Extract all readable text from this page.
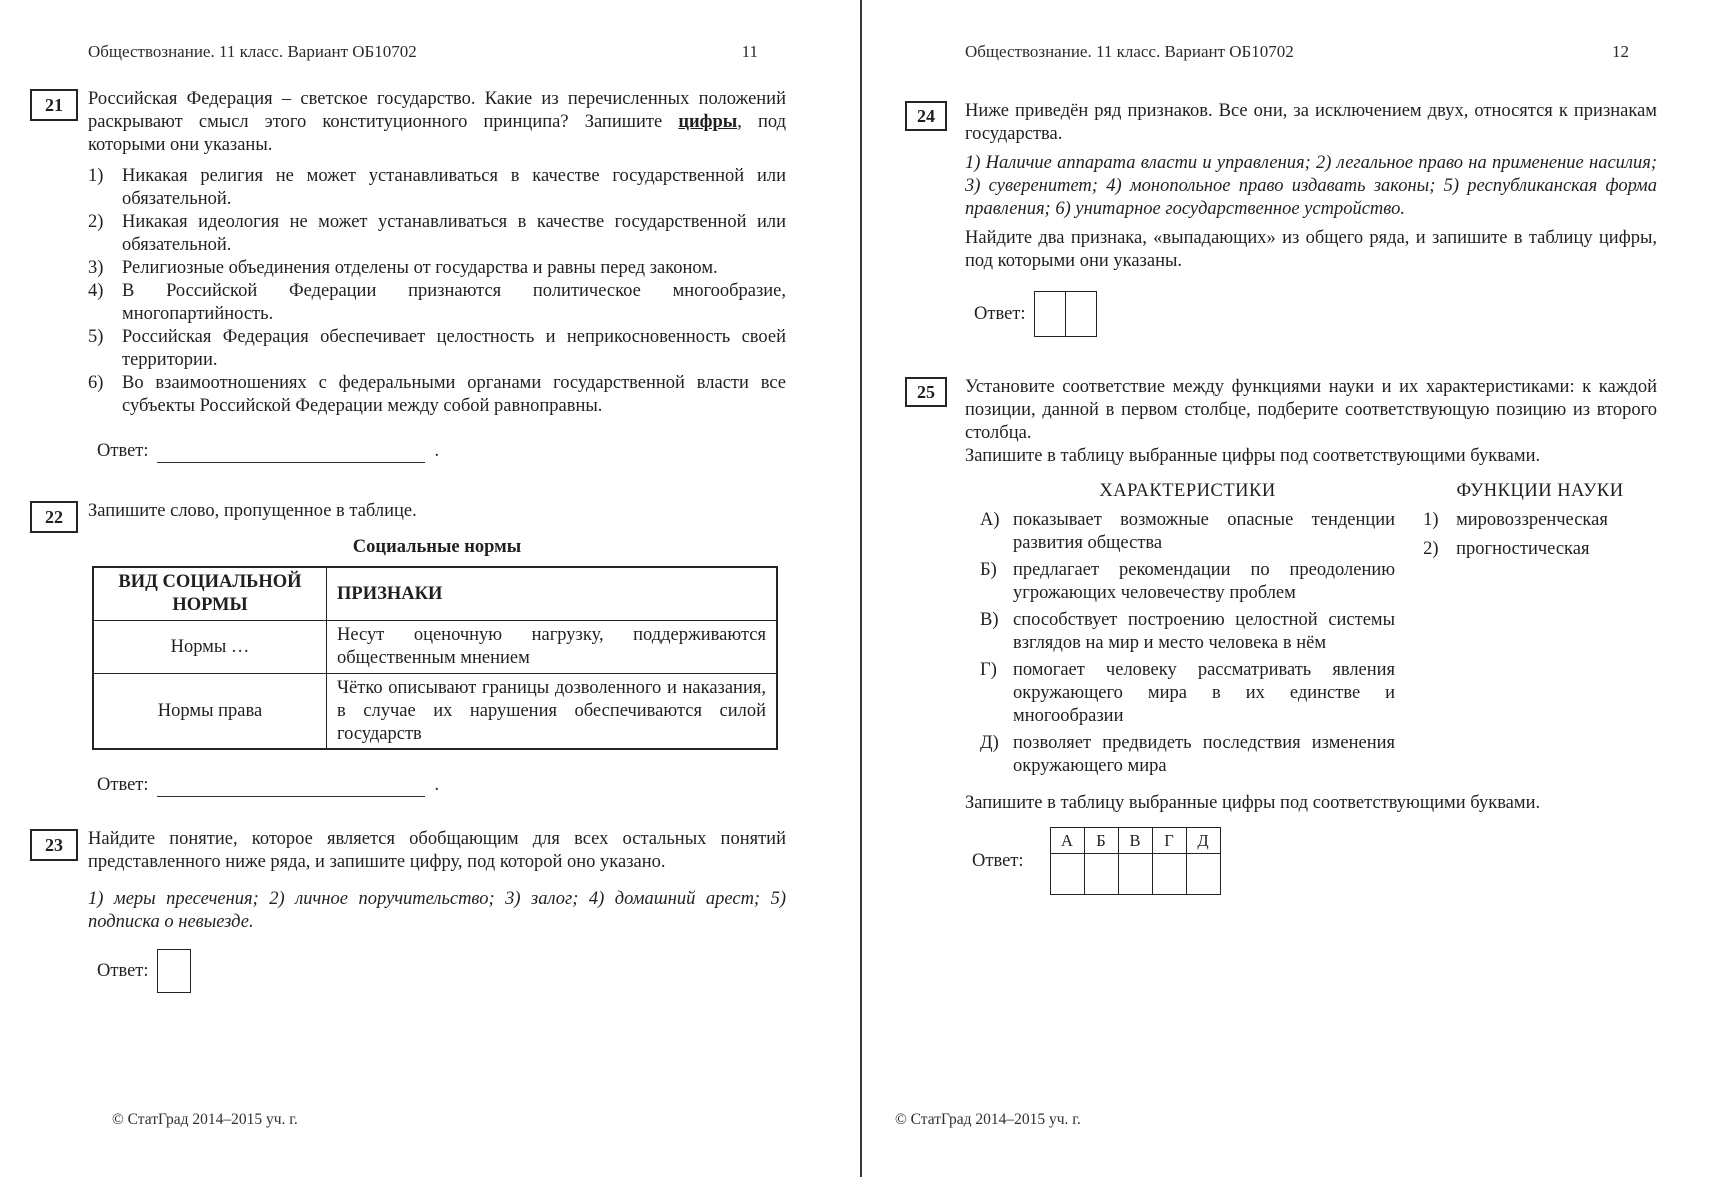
Обществознание. 11 класс. Вариант ОБ10702	11
21 Российская Федерация – светское государство. Какие из перечисленных положений раскрывают смысл этого конституционного принципа? Запишите цифры, под которыми они указаны.

1)	Никакая религия не может устанавливаться в качестве государственной или обязательной.
2)	Никакая идеология не может устанавливаться в качестве государственной или обязательной.
3)	Религиозные объединения отделены от государства и равны перед законом.
4)	В Российской Федерации признаются политическое многообразие, многопартийность.
5)	Российская Федерация обеспечивает целостность и неприкосновенность своей территории.
6)	Во взаимоотношениях с федеральными органами государственной власти все субъекты Российской Федерации между собой равноправны.
Ответ:	.
22 Запишите слово, пропущенное в таблице.

Социальные нормы
ВИД СОЦИАЛЬНОЙ НОРМЫ	ПРИЗНАКИ
Нормы …	Несут оценочную нагрузку, поддерживаются общественным мнением
Нормы права	Чётко описывают границы дозволенного и наказания, в случае их нарушения обеспечиваются силой государств
Ответ:	.
23 Найдите понятие, которое является обобщающим для всех остальных понятий представленного ниже ряда, и запишите цифру, под которой оно указано.

1) меры пресечения; 2) личное поручительство; 3) залог; 4) домашний арест; 5) подписка о невыезде.

Ответ:
© СтатГрад 2014–2015 уч. г.
Обществознание. 11 класс. Вариант ОБ10702	12
24 Ниже приведён ряд признаков. Все они, за исключением двух, относятся к признакам государства.

1) Наличие аппарата власти и управления; 2) легальное право на применение насилия; 3) суверенитет; 4) монопольное право издавать законы; 5) республиканская форма правления; 6) унитарное государственное устройство.

Найдите два признака, «выпадающих» из общего ряда, и запишите в таблицу цифры, под которыми они указаны.

Ответ:
25 Установите соответствие между функциями науки и их характеристиками: к каждой позиции, данной в первом столбце, подберите соответствующую позицию из второго столбца.

Запишите в таблицу выбранные цифры под соответствующими буквами.

ХАРАКТЕРИСТИКИ

А) показывает возможные опасные тенденции развития общества
Б) предлагает рекомендации по преодолению угрожающих человечеству проблем
В) способствует построению целостной системы взглядов на мир и место человека в нём
Г) помогает человеку рассматривать явления окружающего мира в их единстве и многообразии
Д) позволяет предвидеть последствия изменения окружающего мира

ФУНКЦИИ НАУКИ

1) мировоззренческая
2) прогностическая

Запишите в таблицу выбранные цифры под соответствующими буквами.

Ответ:
А	Б	В	Г	Д

© СтатГрад 2014–2015 уч. г.
